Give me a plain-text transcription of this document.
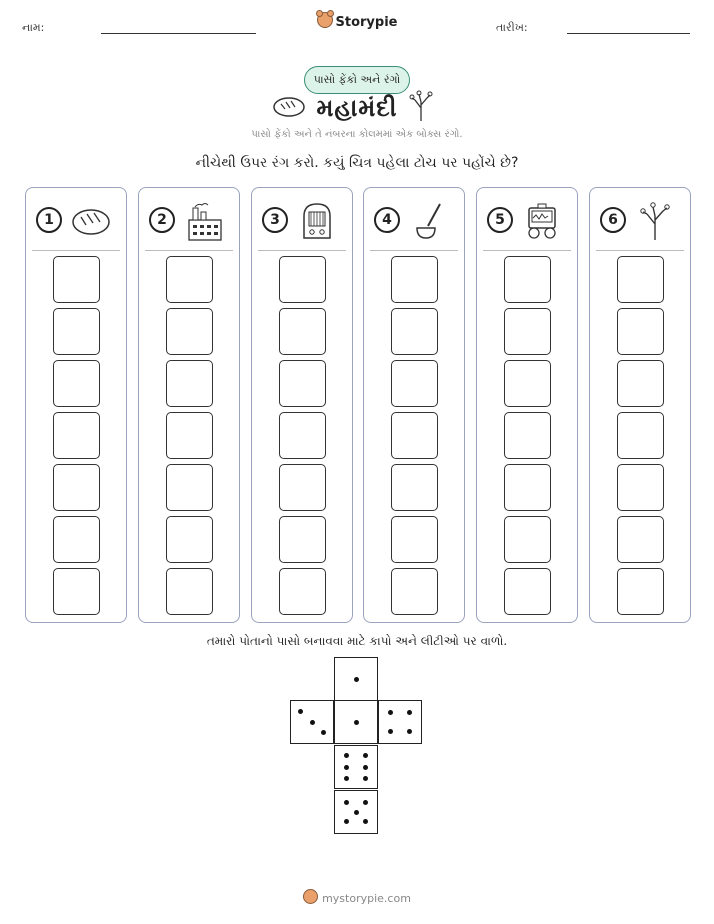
નામ:	Storypie	તારીખ:
પાસો ફેંકો અને રંગો
મહામંદી
પાસો ફેંકો અને તે નંબરના કોલમમાં એક બોક્સ રંગો.
નીચેથી ઉપર રંગ કરો. કયું ચિત્ર પહેલા ટોચ પર પહોંચે છે?
1	2	3	4	5	6
તમારો પોતાનો પાસો બનાવવા માટે કાપો અને લીટીઓ પર વાળો.
mystorypie.com
